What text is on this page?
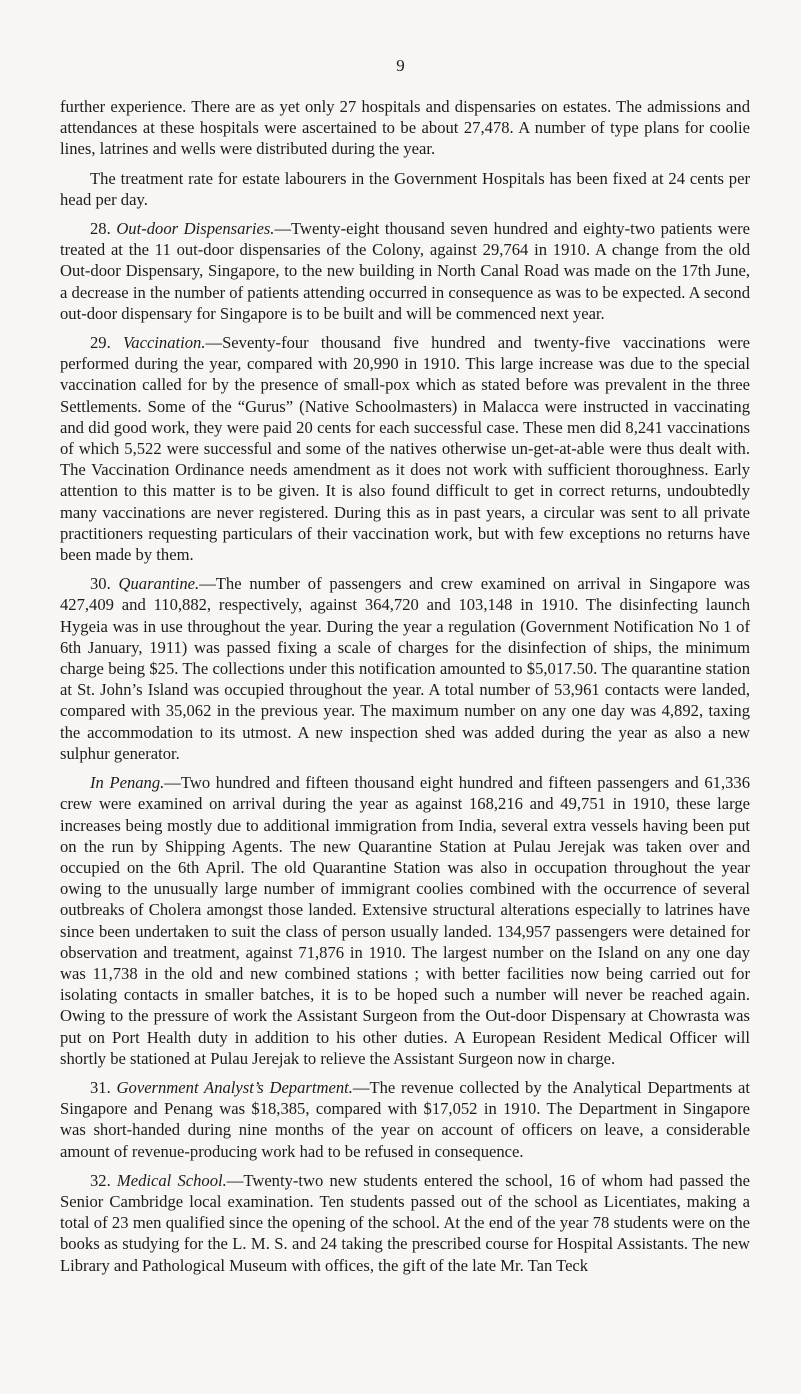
9

further experience. There are as yet only 27 hospitals and dispensaries on estates. The admissions and attendances at these hospitals were ascertained to be about 27,478. A number of type plans for coolie lines, latrines and wells were distributed during the year.

The treatment rate for estate labourers in the Government Hospitals has been fixed at 24 cents per head per day.

28. Out-door Dispensaries.—Twenty-eight thousand seven hundred and eighty-two patients were treated at the 11 out-door dispensaries of the Colony, against 29,764 in 1910. A change from the old Out-door Dispensary, Singapore, to the new building in North Canal Road was made on the 17th June, a decrease in the number of patients attending occurred in consequence as was to be expected. A second out-door dispensary for Singapore is to be built and will be commenced next year.

29. Vaccination.—Seventy-four thousand five hundred and twenty-five vaccinations were performed during the year, compared with 20,990 in 1910. This large increase was due to the special vaccination called for by the presence of small-pox which as stated before was prevalent in the three Settlements. Some of the “Gurus” (Native Schoolmasters) in Malacca were instructed in vaccinating and did good work, they were paid 20 cents for each successful case. These men did 8,241 vaccinations of which 5,522 were successful and some of the natives otherwise un-get-at-able were thus dealt with. The Vaccination Ordinance needs amendment as it does not work with sufficient thoroughness. Early attention to this matter is to be given. It is also found difficult to get in correct returns, undoubtedly many vaccinations are never registered. During this as in past years, a circular was sent to all private practitioners requesting particulars of their vaccination work, but with few exceptions no returns have been made by them.

30. Quarantine.—The number of passengers and crew examined on arrival in Singapore was 427,409 and 110,882, respectively, against 364,720 and 103,148 in 1910. The disinfecting launch Hygeia was in use throughout the year. During the year a regulation (Government Notification No 1 of 6th January, 1911) was passed fixing a scale of charges for the disinfection of ships, the minimum charge being $25. The collections under this notification amounted to $5,017.50. The quarantine station at St. John’s Island was occupied throughout the year. A total number of 53,961 contacts were landed, compared with 35,062 in the previous year. The maximum number on any one day was 4,892, taxing the accommodation to its utmost. A new inspection shed was added during the year as also a new sulphur generator.

In Penang.—Two hundred and fifteen thousand eight hundred and fifteen passengers and 61,336 crew were examined on arrival during the year as against 168,216 and 49,751 in 1910, these large increases being mostly due to additional immigration from India, several extra vessels having been put on the run by Shipping Agents. The new Quarantine Station at Pulau Jerejak was taken over and occupied on the 6th April. The old Quarantine Station was also in occupation throughout the year owing to the unusually large number of immigrant coolies combined with the occurrence of several outbreaks of Cholera amongst those landed. Extensive structural alterations especially to latrines have since been undertaken to suit the class of person usually landed. 134,957 passengers were detained for observation and treatment, against 71,876 in 1910. The largest number on the Island on any one day was 11,738 in the old and new combined stations ; with better facilities now being carried out for isolating contacts in smaller batches, it is to be hoped such a number will never be reached again. Owing to the pressure of work the Assistant Surgeon from the Out-door Dispensary at Chowrasta was put on Port Health duty in addition to his other duties. A European Resident Medical Officer will shortly be stationed at Pulau Jerejak to relieve the Assistant Surgeon now in charge.

31. Government Analyst’s Department.—The revenue collected by the Analytical Departments at Singapore and Penang was $18,385, compared with $17,052 in 1910. The Department in Singapore was short-handed during nine months of the year on account of officers on leave, a considerable amount of revenue-producing work had to be refused in consequence.

32. Medical School.—Twenty-two new students entered the school, 16 of whom had passed the Senior Cambridge local examination. Ten students passed out of the school as Licentiates, making a total of 23 men qualified since the opening of the school. At the end of the year 78 students were on the books as studying for the L. M. S. and 24 taking the prescribed course for Hospital Assistants. The new Library and Pathological Museum with offices, the gift of the late Mr. Tan Teck
